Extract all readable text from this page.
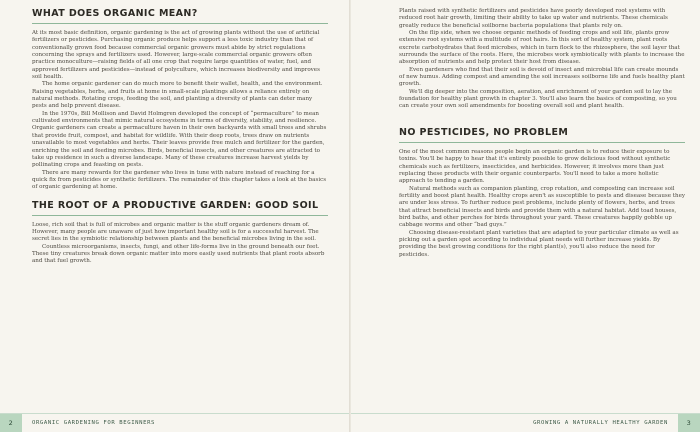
WHAT DOES ORGANIC MEAN?

At its most basic definition, organic gardening is the act of growing plants without the use of artificial fertilizers or pesticides. Purchasing organic produce helps support a less toxic industry than that of conventionally grown food because commercial organic growers must abide by strict regulations concerning the sprays and fertilizers used. However, large-scale commercial organic growers often practice monoculture—raising fields of all one crop that require large quantities of water, fuel, and approved fertilizers and pesticides—instead of polyculture, which increases biodiversity and improves soil health.

The home organic gardener can do much more to benefit their wallet, health, and the environment. Raising vegetables, herbs, and fruits at home in small-scale plantings allows a reliance entirely on natural methods. Rotating crops, feeding the soil, and planting a diversity of plants can deter many pests and help prevent disease.

In the 1970s, Bill Mollison and David Holmgren developed the concept of “permaculture” to mean cultivated environments that mimic natural ecosystems in terms of diversity, stability, and resilience. Organic gardeners can create a permaculture haven in their own backyards with small trees and shrubs that provide fruit, compost, and habitat for wildlife. With their deep roots, trees draw on nutrients unavailable to most vegetables and herbs. Their leaves provide free mulch and fertilizer for the garden, enriching the soil and feeding microbes. Birds, beneficial insects, and other creatures are attracted to take up residence in such a diverse landscape. Many of these creatures increase harvest yields by pollinating crops and feasting on pests.

There are many rewards for the gardener who lives in tune with nature instead of reaching for a quick fix from pesticides or synthetic fertilizers. The remainder of this chapter takes a look at the basics of organic gardening at home.

THE ROOT OF A PRODUCTIVE GARDEN: GOOD SOIL

Loose, rich soil that is full of microbes and organic matter is the stuff organic gardeners dream of. However, many people are unaware of just how important healthy soil is for a successful harvest. The secret lies in the symbiotic relationship between plants and the beneficial microbes living in the soil.

Countless microorganisms, insects, fungi, and other life-forms live in the ground beneath our feet. These tiny creatures break down organic matter into more easily used nutrients that plant roots absorb and that fuel growth.

Plants raised with synthetic fertilizers and pesticides have poorly developed root systems with reduced root hair growth, limiting their ability to take up water and nutrients. These chemicals greatly reduce the beneficial soilborne bacteria populations that plants rely on.

On the flip side, when we choose organic methods of feeding crops and soil life, plants grow extensive root systems with a multitude of root hairs. In this sort of healthy system, plant roots excrete carbohydrates that feed microbes, which in turn flock to the rhizosphere, the soil layer that surrounds the surface of the roots. Here, the microbes work symbiotically with plants to increase the absorption of nutrients and help protect their host from disease.

Even gardeners who find that their soil is devoid of insect and microbial life can create mounds of new humus. Adding compost and amending the soil increases soilborne life and fuels healthy plant growth.

We'll dig deeper into the composition, aeration, and enrichment of your garden soil to lay the foundation for healthy plant growth in chapter 3. You'll also learn the basics of composting, so you can create your own soil amendments for boosting overall soil and plant health.

NO PESTICIDES, NO PROBLEM

One of the most common reasons people begin an organic garden is to reduce their exposure to toxins. You'll be happy to hear that it's entirely possible to grow delicious food without synthetic chemicals such as fertilizers, insecticides, and herbicides. However, it involves more than just replacing these products with their organic counterparts. You'll need to take a more holistic approach to tending a garden.

Natural methods such as companion planting, crop rotation, and composting can increase soil fertility and boost plant health. Healthy crops aren't as susceptible to pests and disease because they are under less stress. To further reduce pest problems, include plenty of flowers, herbs, and trees that attract beneficial insects and birds and provide them with a natural habitat. Add toad houses, bird baths, and other perches for birds throughout your yard. These creatures happily gobble up cabbage worms and other “bad guys.”

Choosing disease-resistant plant varieties that are adapted to your particular climate as well as picking out a garden spot according to individual plant needs will further increase yields. By providing the best growing conditions for the right plant(s), you'll also reduce the need for pesticides.

2	ORGANIC GARDENING FOR BEGINNERS	GROWING A NATURALLY HEALTHY GARDEN	3
